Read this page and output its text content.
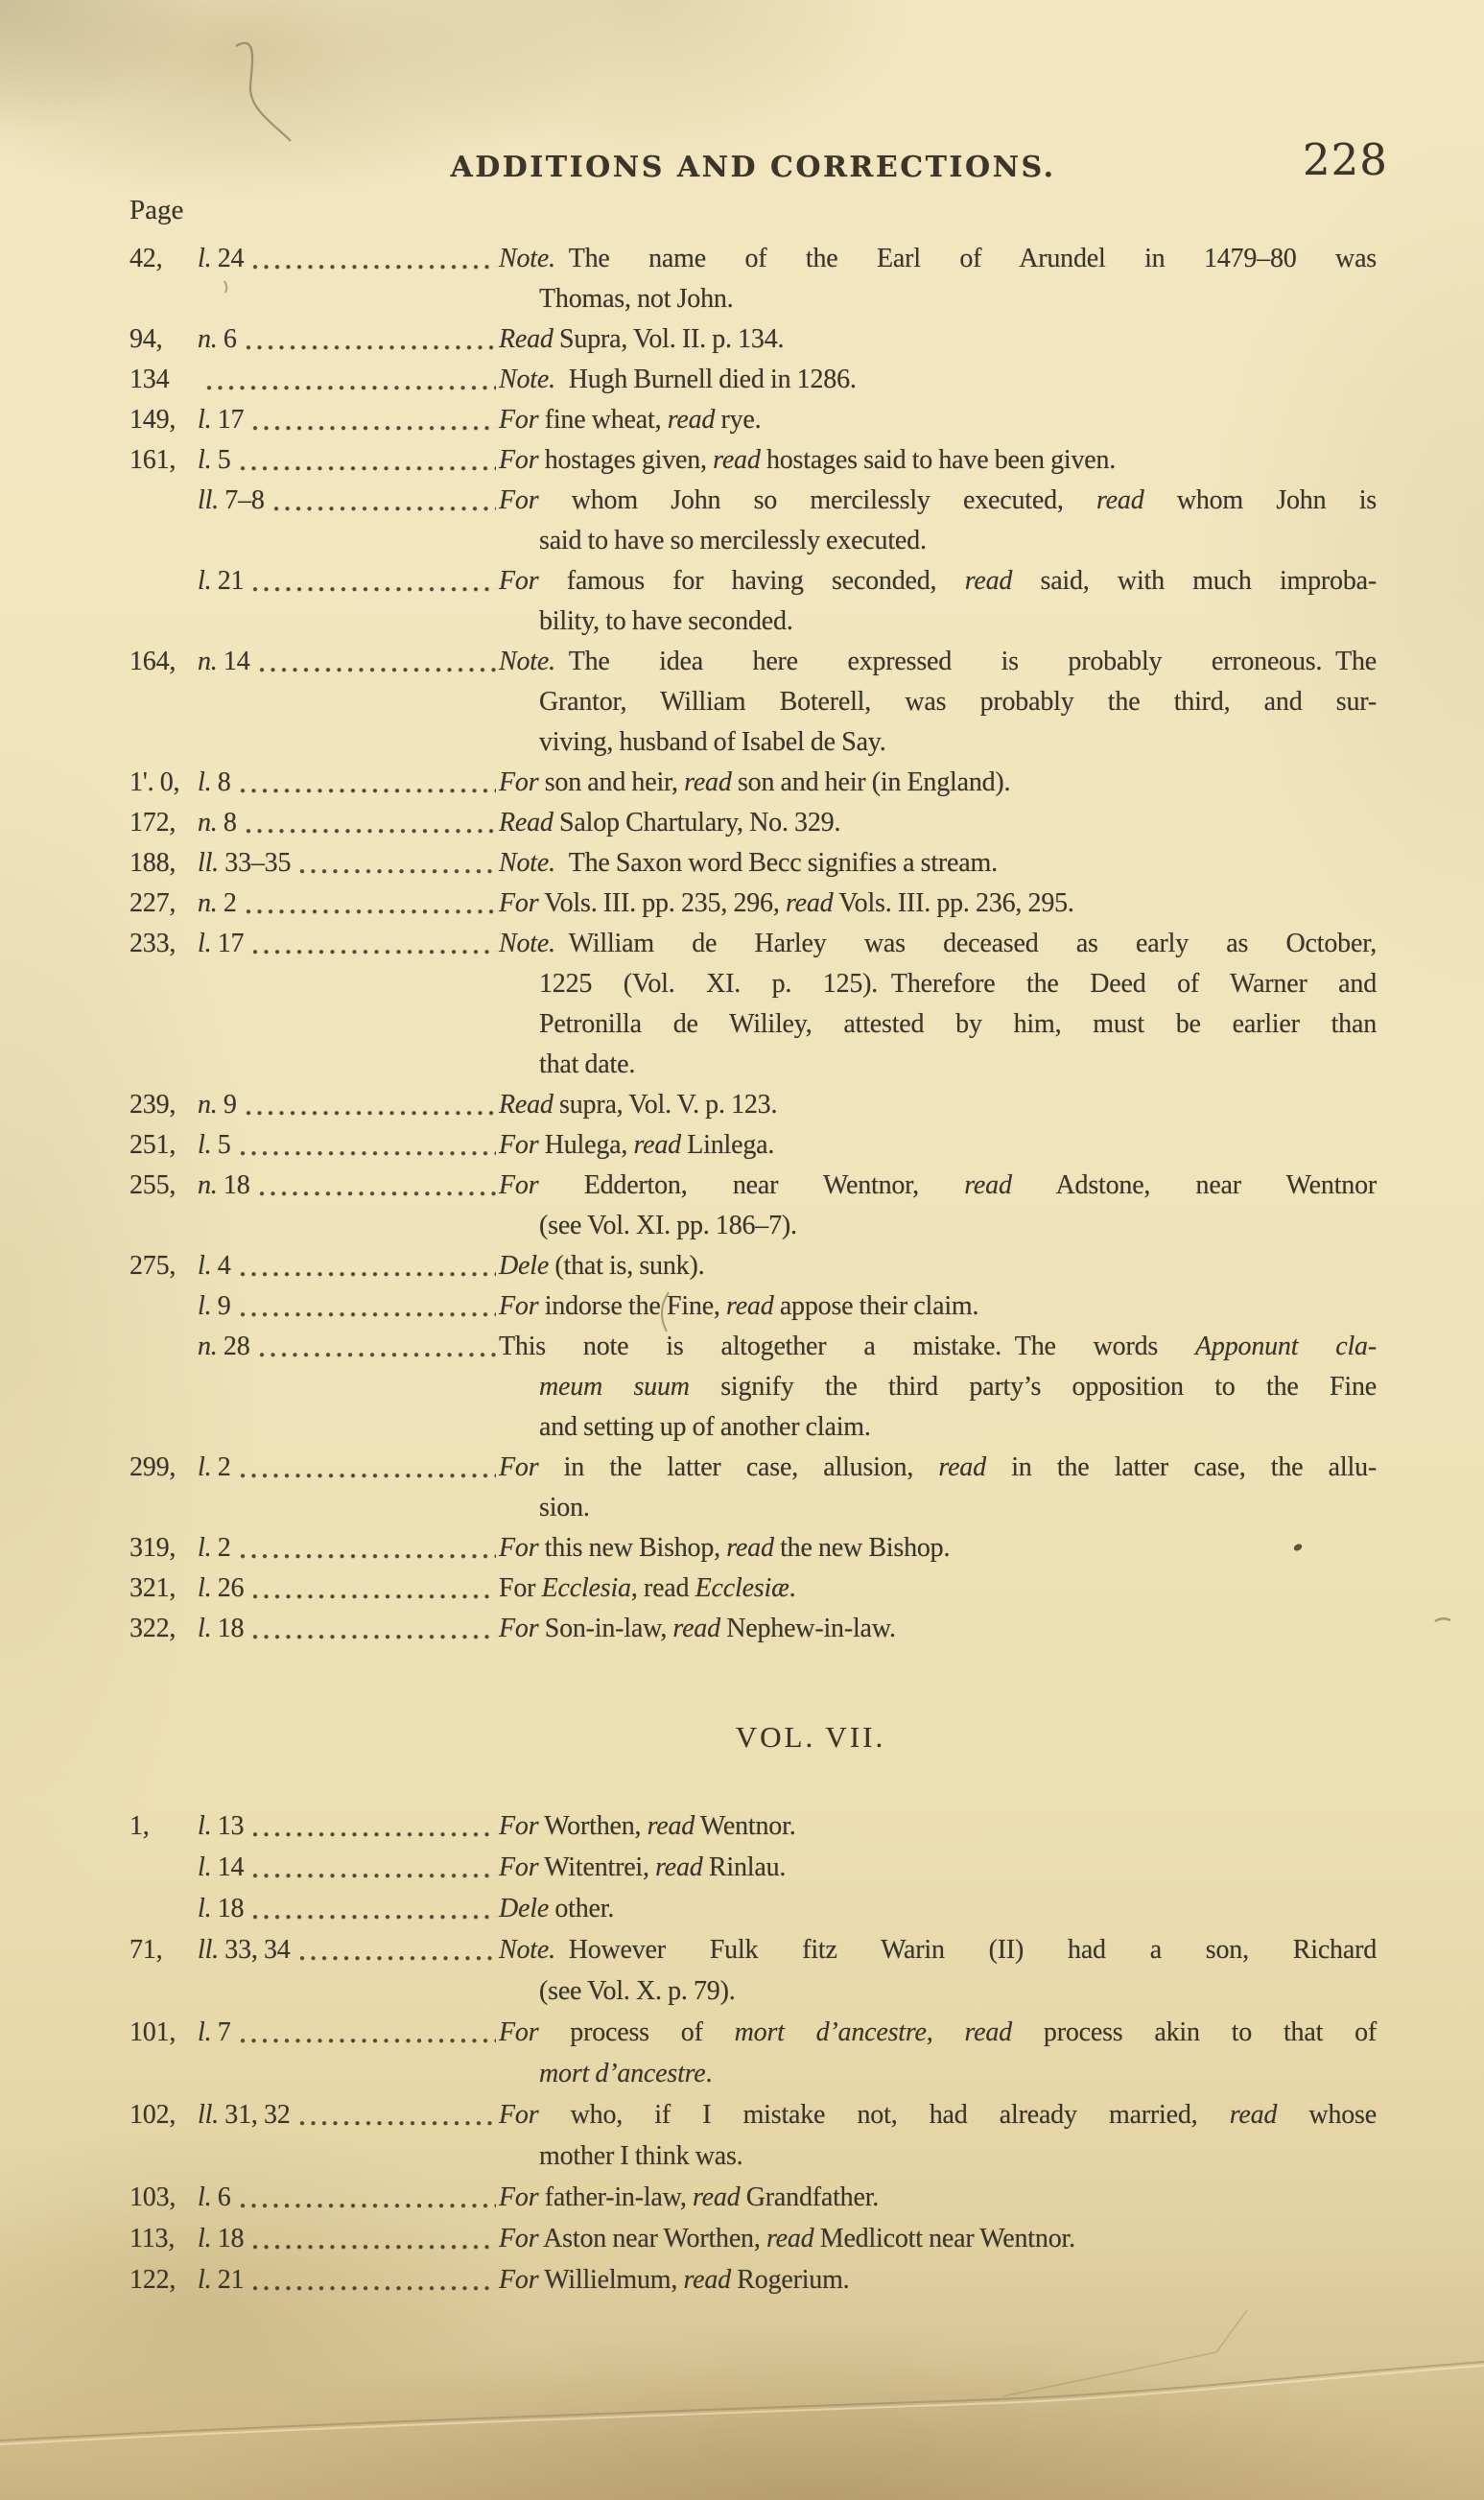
ADDITIONS AND CORRECTIONS.	228
Page
42,	l. 24	Note. The name of the Earl of Arundel in 1479–80 was
Thomas, not John.
94,	n. 6	Read Supra, Vol. II. p. 134.
134	Note. Hugh Burnell died in 1286.
149, l. 17	For fine wheat, read rye.
161, l. 5	For hostages given, read hostages said to have been given.

ll. 7–8	For whom John so mercilessly executed, read whom John is
said to have so mercilessly executed.

l. 21	For famous for having seconded, read said, with much improba-
bility, to have seconded.
164, n. 14	Note. The idea here expressed is probably erroneous. The
Grantor, William Boterell, was probably the third, and sur-
viving, husband of Isabel de Say.
1'. 0, l. 8	For son and heir, read son and heir (in England).
172, n. 8	Read Salop Chartulary, No. 329.
188, ll. 33–35	Note. The Saxon word Becc signifies a stream.
227, n. 2	For Vols. III. pp. 235, 296, read Vols. III. pp. 236, 295.
233, l. 17	Note. William de Harley was deceased as early as October,
1225 (Vol. XI. p. 125). Therefore the Deed of Warner and
Petronilla de Wililey, attested by him, must be earlier than
that date.
239, n. 9	Read supra, Vol. V. p. 123.
251, l. 5	For Hulega, read Linlega.
255, n. 18	For Edderton, near Wentnor, read Adstone, near Wentnor
(see Vol. XI. pp. 186–7).
275, l. 4	Dele (that is, sunk).

l. 9	For indorse the Fine, read appose their claim.

n. 28	This note is altogether a mistake. The words Apponunt cla-
meum suum signify the third party’s opposition to the Fine
and setting up of another claim.
299, l. 2	For in the latter case, allusion, read in the latter case, the allu-
sion.
319, l. 2	For this new Bishop, read the new Bishop.
321, l. 26	For Ecclesia, read Ecclesiæ.
322, l. 18	For Son-in-law, read Nephew-in-law.
VOL. VII.
1,	l. 13	For Worthen, read Wentnor.

l. 14	For Witentrei, read Rinlau.

l. 18	Dele other.
71,	ll. 33, 34	Note. However Fulk fitz Warin (II) had a son, Richard
(see Vol. X. p. 79).
101, l. 7	For process of mort d’ancestre, read process akin to that of
mort d’ancestre.
102, ll. 31, 32	For who, if I mistake not, had already married, read whose
mother I think was.
103, l. 6	For father-in-law, read Grandfather.
113, l. 18	For Aston near Worthen, read Medlicott near Wentnor.
122, l. 21	For Willielmum, read Rogerium.
